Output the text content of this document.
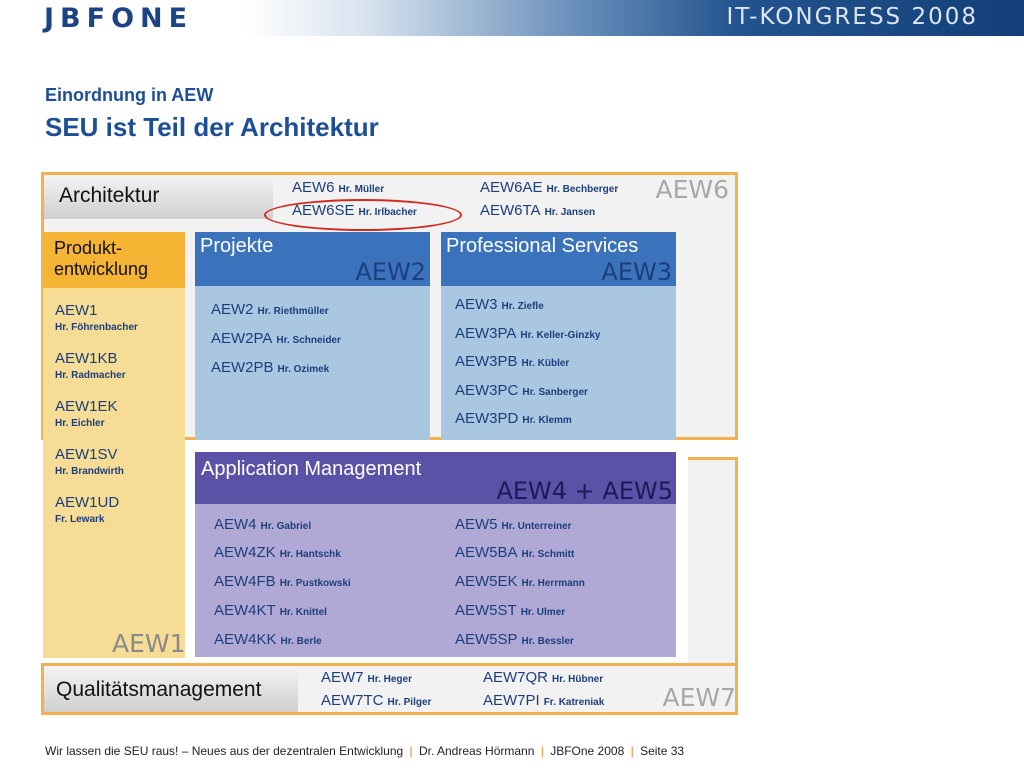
JBFONE	IT-KONGRESS 2008
Einordnung in AEW
SEU ist Teil der Architektur
Architektur	AEW6
AEW6 Hr. Müller	AEW6AE Hr. Bechberger
AEW6SE Hr. Irlbacher	AEW6TA Hr. Jansen
Produkt-
entwicklung
AEW1
Hr. Föhrenbacher
AEW1KB
Hr. Radmacher
AEW1EK
Hr. Eichler
AEW1SV
Hr. Brandwirth
AEW1UD
Fr. Lewark
AEW1
Projekte
AEW2
AEW2 Hr. Riethmüller
AEW2PA Hr. Schneider
AEW2PB Hr. Ozimek
Professional Services
AEW3
AEW3 Hr. Ziefle
AEW3PA Hr. Keller-Ginzky
AEW3PB Hr. Kübler
AEW3PC Hr. Sanberger
AEW3PD Hr. Klemm
Qualitätsmanagement
AEW7 Hr. Heger	AEW7QR Hr. Hübner
AEW7TC Hr. Pilger	AEW7PI Fr. Katreniak AEW7
Application Management
AEW4 + AEW5
AEW4 Hr. Gabriel
AEW4ZK Hr. Hantschk
AEW4FB Hr. Pustkowski
AEW4KT Hr. Knittel
AEW4KK Hr. Berle
AEW5 Hr. Unterreiner
AEW5BA Hr. Schmitt
AEW5EK Hr. Herrmann
AEW5ST Hr. Ulmer
AEW5SP Hr. Bessler
Wir lassen die SEU raus! – Neues aus der dezentralen Entwicklung | Dr. Andreas Hörmann | JBFOne 2008 | Seite 33
